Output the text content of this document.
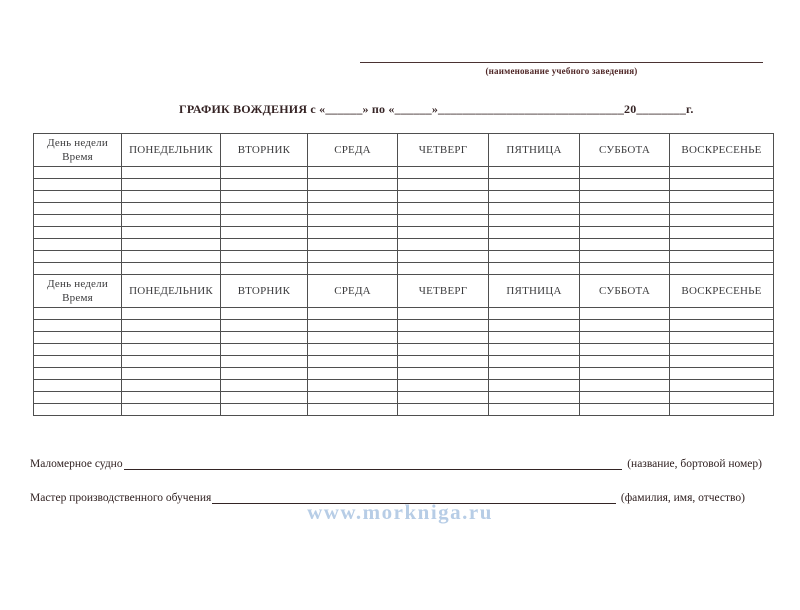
(наименование учебного заведения)
ГРАФИК ВОЖДЕНИЯ с «______» по «______»______________________________20________г.
День недели
Время	ПОНЕДЕЛЬНИК	ВТОРНИК	СРЕДА	ЧЕТВЕРГ	ПЯТНИЦА	СУББОТА	ВОСКРЕСЕНЬЕ

День недели
Время	ПОНЕДЕЛЬНИК	ВТОРНИК	СРЕДА	ЧЕТВЕРГ	ПЯТНИЦА	СУББОТА	ВОСКРЕСЕНЬЕ

www.morkniga.ru
Маломерное судно	(название, бортовой номер)
Мастер производственного обучения	(фамилия, имя, отчество)
